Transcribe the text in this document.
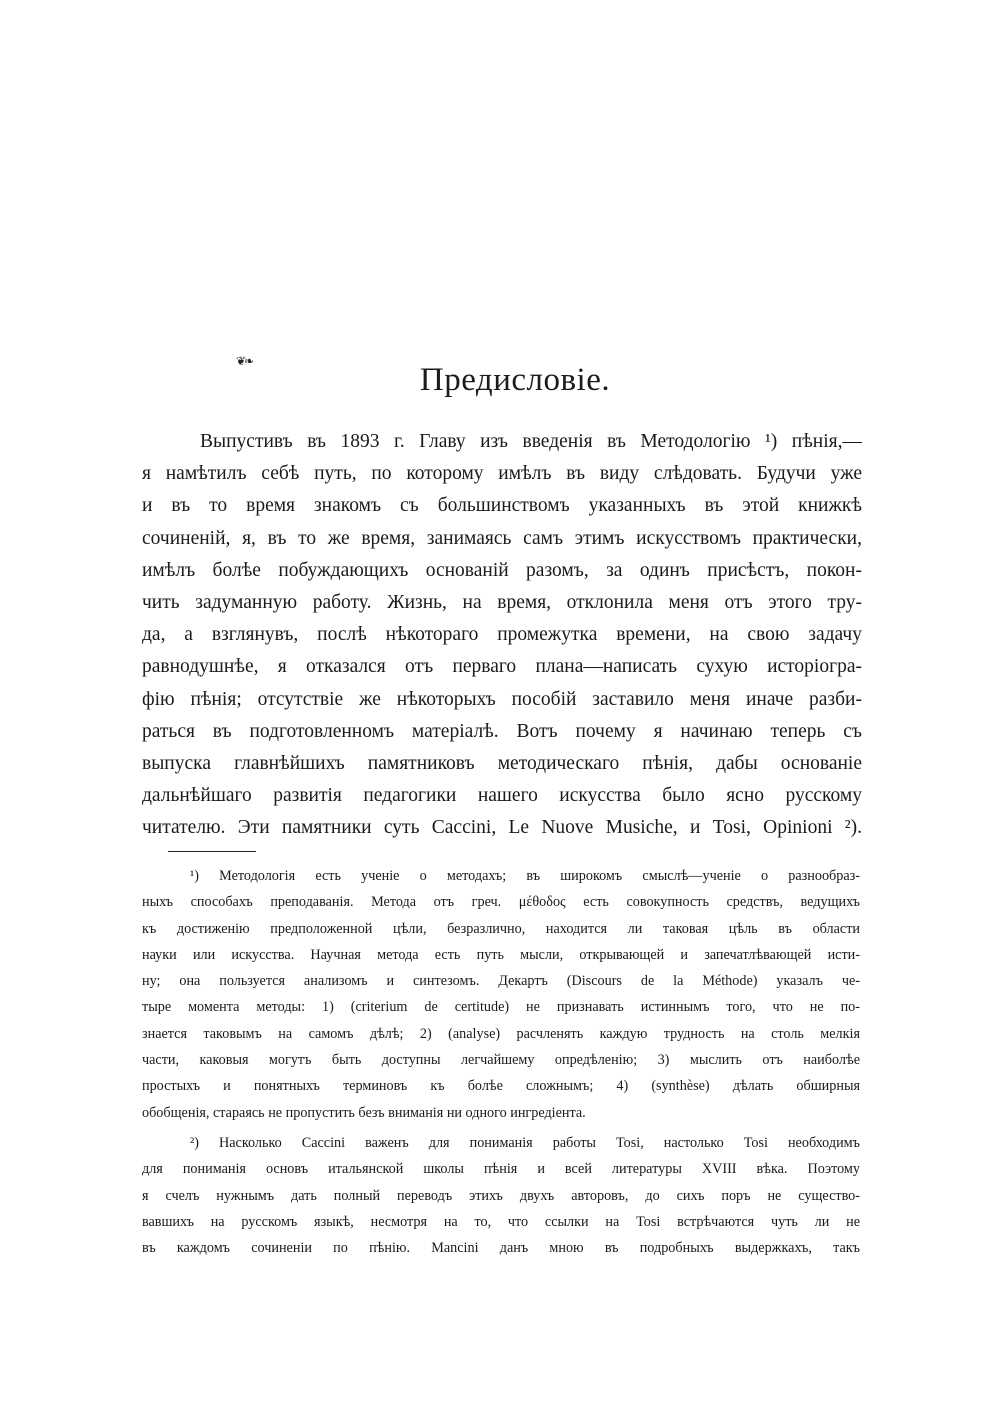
❦❧
Предисловіе.
Выпустивъ въ 1893 г. Главу изъ введенія въ Методологію ¹) пѣнія,—
я намѣтилъ себѣ путь, по которому имѣлъ въ виду слѣдовать. Будучи уже
и въ то время знакомъ съ большинствомъ указанныхъ въ этой книжкѣ
сочиненій, я, въ то же время, занимаясь самъ этимъ искусствомъ практически,
имѣлъ болѣе побуждающихъ основаній разомъ, за одинъ присѣстъ, покон-
чить задуманную работу. Жизнь, на время, отклонила меня отъ этого тру-
да, а взглянувъ, послѣ нѣкотораго промежутка времени, на свою задачу
равнодушнѣе, я отказался отъ перваго плана—написать сухую исторіогра-
фію пѣнія; отсутствіе же нѣкоторыхъ пособій заставило меня иначе разби-
раться въ подготовленномъ матеріалѣ. Вотъ почему я начинаю теперь съ
выпуска главнѣйшихъ памятниковъ методическаго пѣнія, дабы основаніе
дальнѣйшаго развитія педагогики нашего искусства было ясно русскому
читателю. Эти памятники суть Caccini, Le Nuove Musiche, и Tosi, Opinioni ²).
¹) Методологія есть ученіе о методахъ; въ широкомъ смыслѣ—ученіе о разнообраз-
ныхъ способахъ преподаванія. Метода отъ греч. μέθοδος есть совокупность средствъ, ведущихъ
къ достиженію предположенной цѣли, безразлично, находится ли таковая цѣль въ области
науки или искусства. Научная метода есть путь мысли, открывающей и запечатлѣвающей исти-
ну; она пользуется анализомъ и синтезомъ. Декартъ (Discours de la Méthode) указалъ че-
тыре момента методы: 1) (criterium de certitude) не признавать истиннымъ того, что не по-
знается таковымъ на самомъ дѣлѣ; 2) (analyse) расчленять каждую трудность на столь мелкія
части, каковыя могутъ быть доступны легчайшему опредѣленію; 3) мыслить отъ наиболѣе
простыхъ и понятныхъ терминовъ къ болѣе сложнымъ; 4) (synthèse) дѣлать обширныя
обобщенія, стараясь не пропустить безъ вниманія ни одного ингредіента.
²) Насколько Caccini важенъ для пониманія работы Tosi, настолько Tosi необходимъ
для пониманія основъ итальянской школы пѣнія и всей литературы XVIII вѣка. Поэтому
я счелъ нужнымъ дать полный переводъ этихъ двухъ авторовъ, до сихъ поръ не существо-
вавшихъ на русскомъ языкѣ, несмотря на то, что ссылки на Tosi встрѣчаются чуть ли не
въ каждомъ сочиненіи по пѣнію. Mancini данъ мною въ подробныхъ выдержкахъ, такъ
